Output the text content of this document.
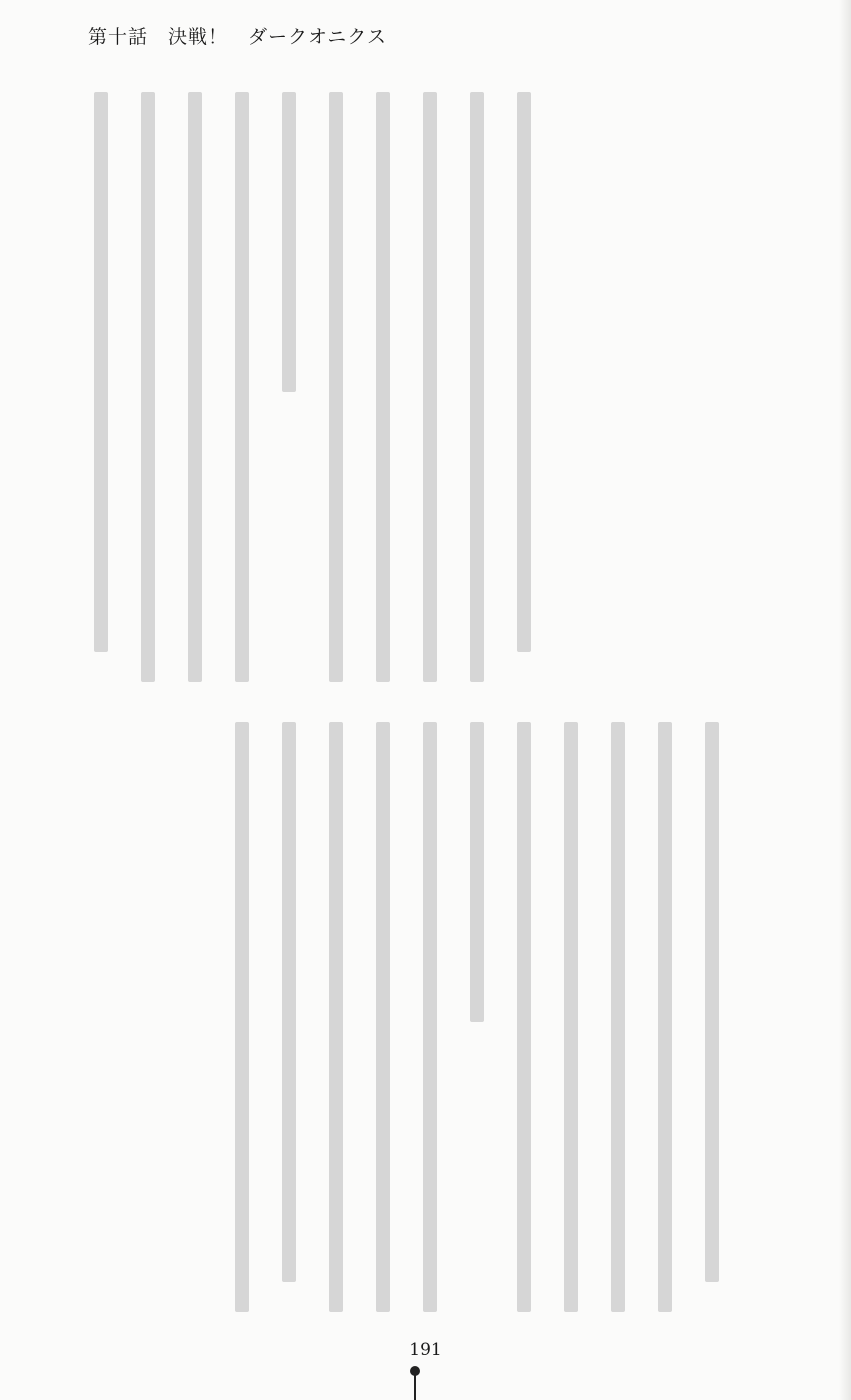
第十話　決戦！　ダークオニクス
191
